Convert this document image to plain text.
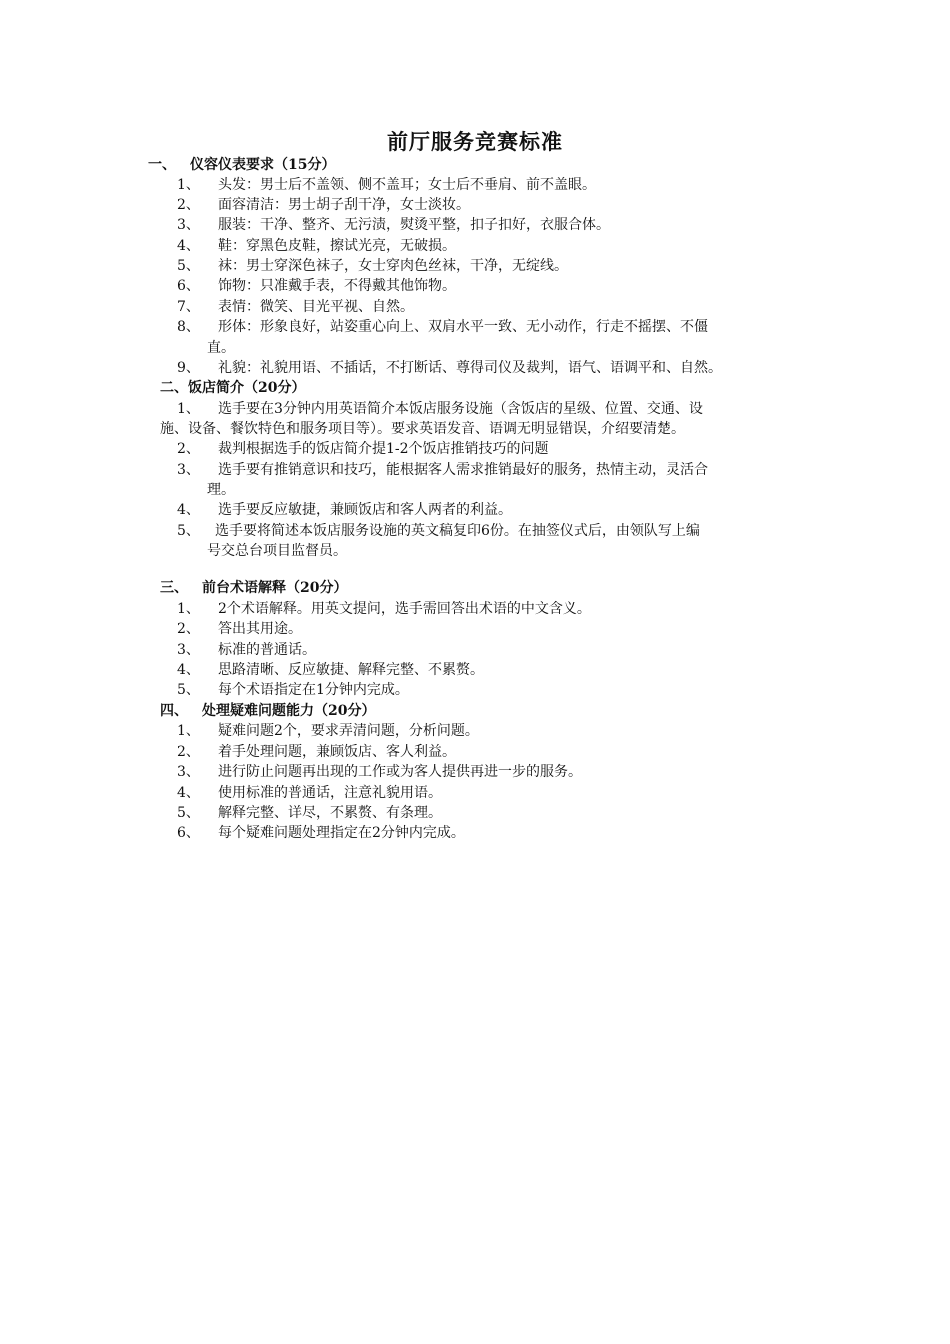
前厅服务竞赛标准
一、 仪容仪表要求（15分）
1、 头发：男士后不盖领、侧不盖耳；女士后不垂肩、前不盖眼。
2、 面容清洁：男士胡子刮干净，女士淡妆。
3、 服装：干净、整齐、无污渍，熨烫平整，扣子扣好，衣服合体。
4、 鞋：穿黑色皮鞋，擦试光亮，无破损。
5、 袜：男士穿深色袜子，女士穿肉色丝袜，干净，无绽线。
6、 饰物：只准戴手表，不得戴其他饰物。
7、 表情：微笑、目光平视、自然。
8、 形体：形象良好，站姿重心向上、双肩水平一致、无小动作，行走不摇摆、不僵
直。
9、 礼貌：礼貌用语、不插话，不打断话、尊得司仪及裁判，语气、语调平和、自然。
二、饭店简介（20分）
1、 选手要在3分钟内用英语简介本饭店服务设施（含饭店的星级、位置、交通、设
施、设备、餐饮特色和服务项目等）。要求英语发音、语调无明显错误，介绍要清楚。
2、 裁判根据选手的饭店简介提1-2个饭店推销技巧的问题
3、 选手要有推销意识和技巧，能根据客人需求推销最好的服务，热情主动，灵活合
理。
4、 选手要反应敏捷，兼顾饭店和客人两者的利益。
5、 选手要将简述本饭店服务设施的英文稿复印6份。在抽签仪式后，由领队写上编
号交总台项目监督员。
三、 前台术语解释（20分）
1、 2个术语解释。用英文提问，选手需回答出术语的中文含义。
2、 答出其用途。
3、 标准的普通话。
4、 思路清晰、反应敏捷、解释完整、不累赘。
5、 每个术语指定在1分钟内完成。
四、 处理疑难问题能力（20分）
1、 疑难问题2个，要求弄清问题，分析问题。
2、 着手处理问题，兼顾饭店、客人利益。
3、 进行防止问题再出现的工作或为客人提供再进一步的服务。
4、 使用标准的普通话，注意礼貌用语。
5、 解释完整、详尽，不累赘、有条理。
6、 每个疑难问题处理指定在2分钟内完成。
